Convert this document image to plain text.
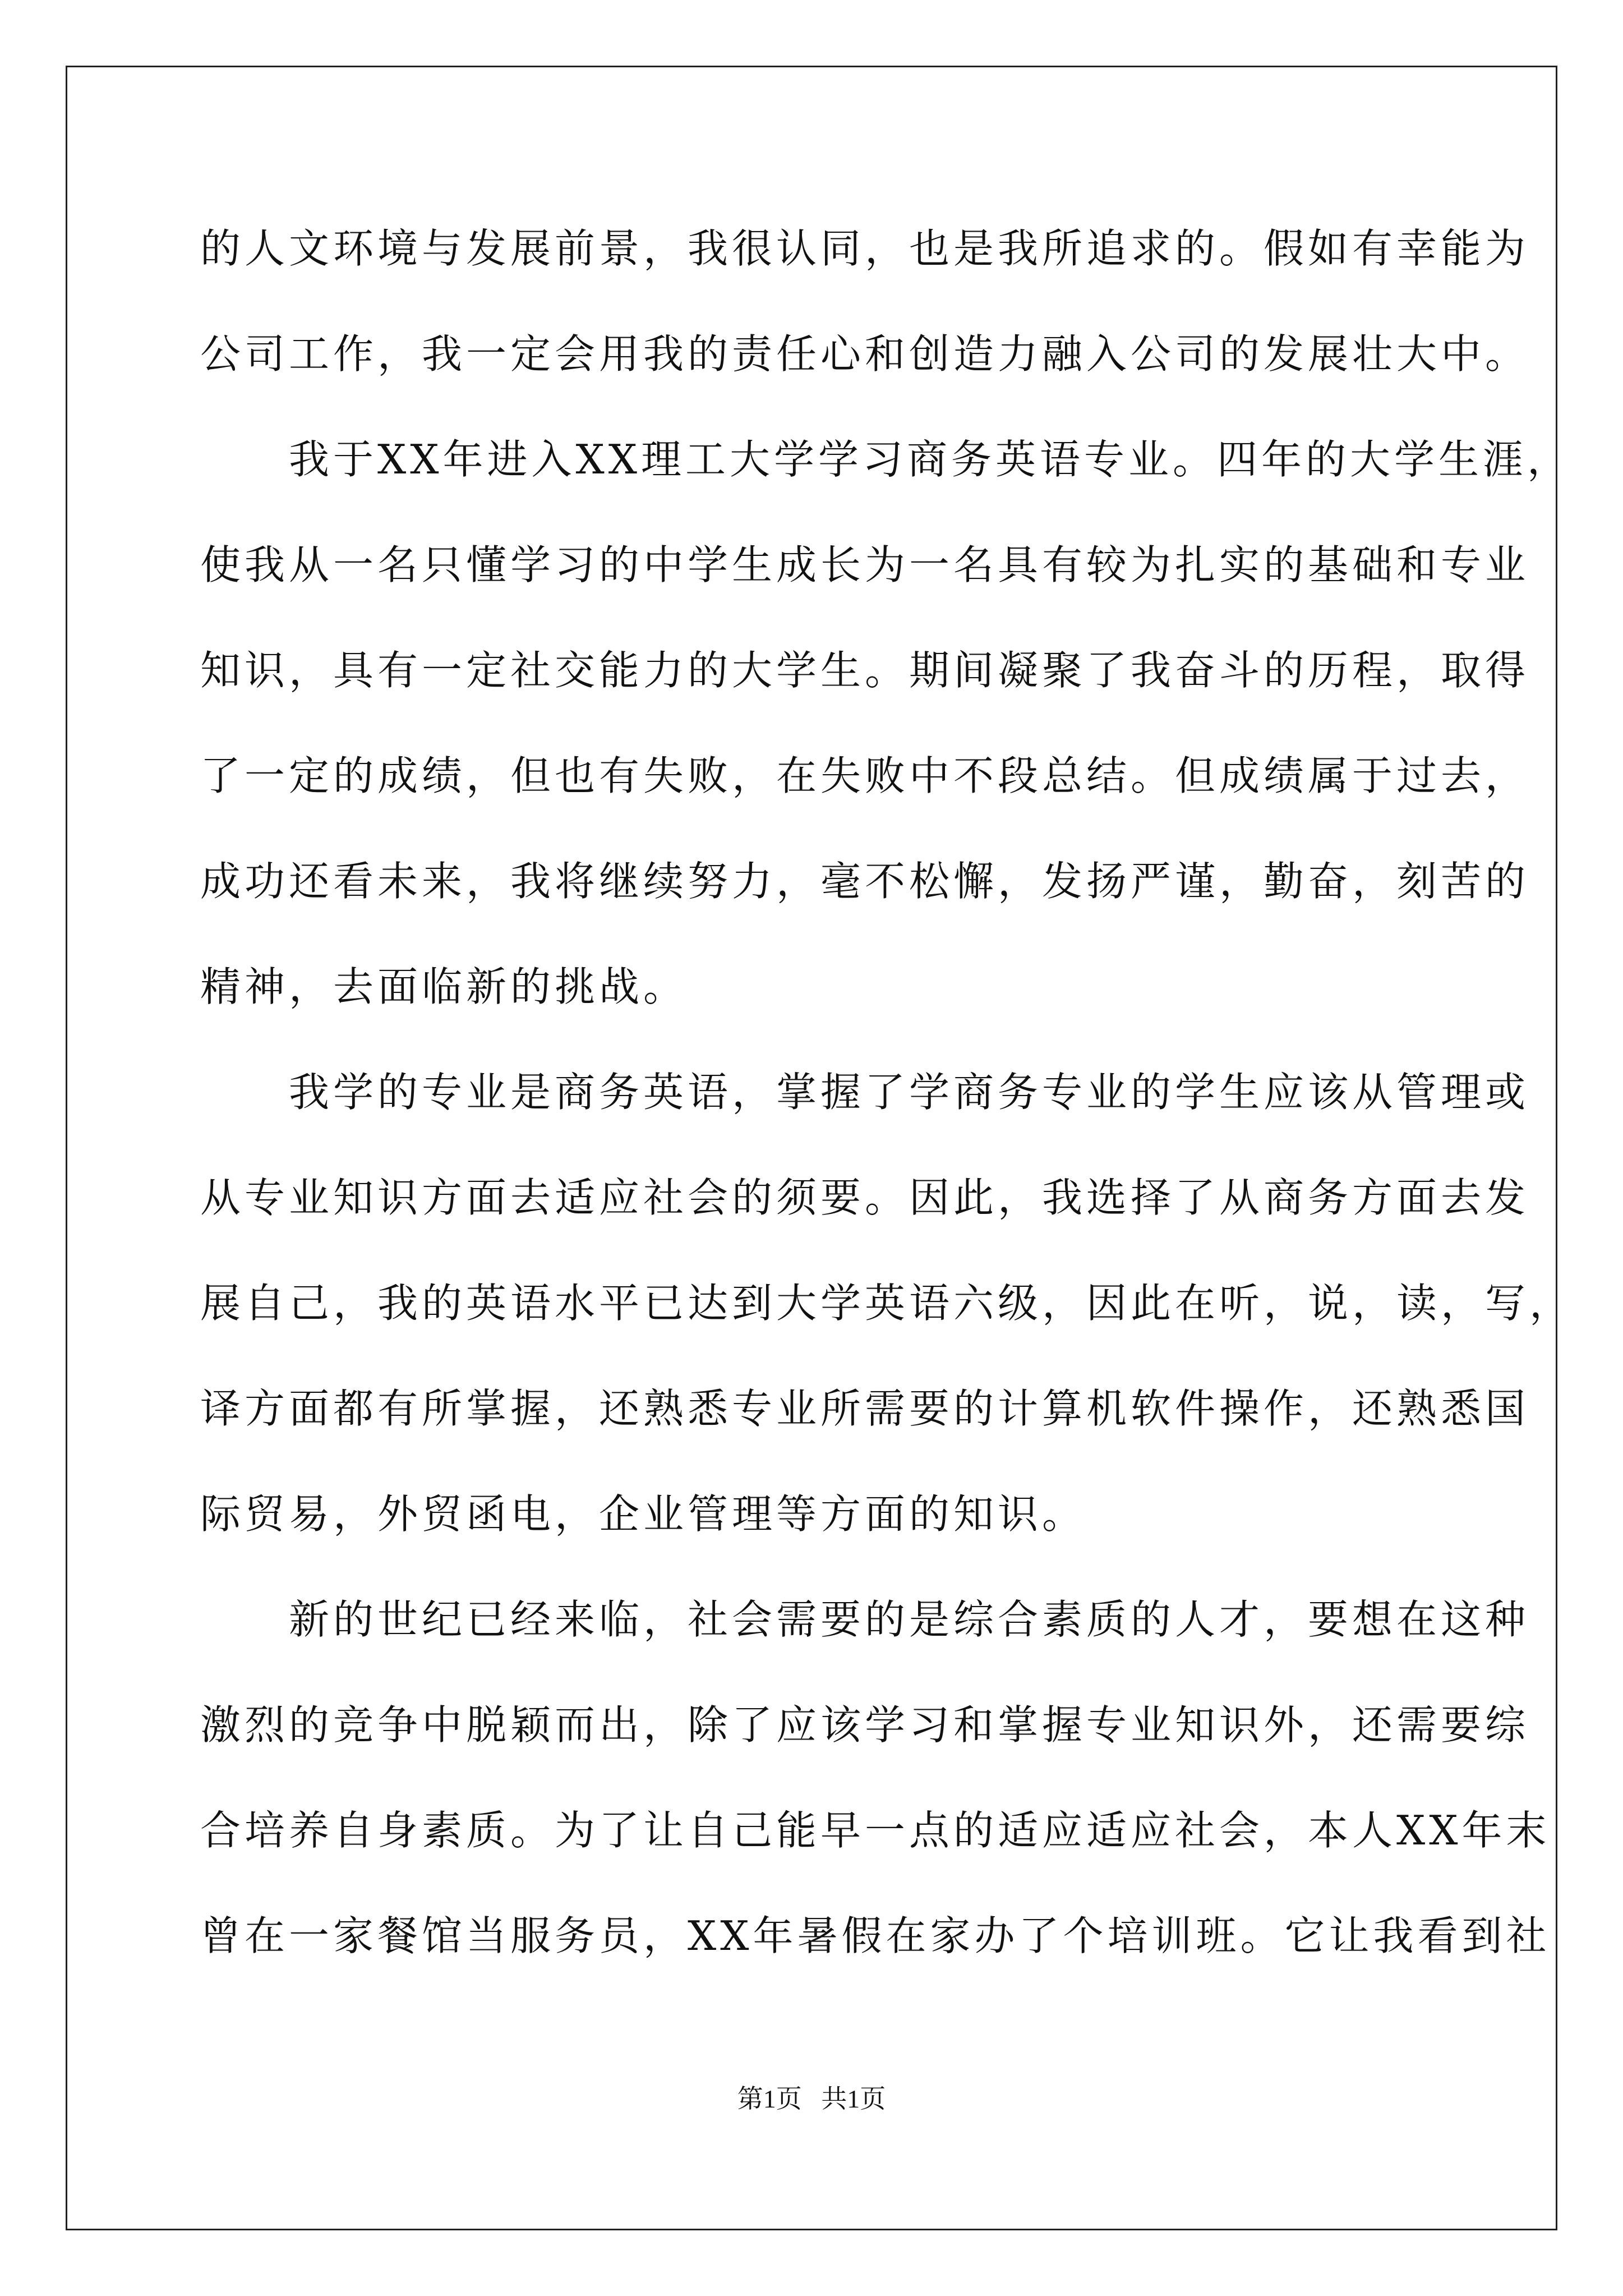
的人文环境与发展前景，我很认同，也是我所追求的。假如有幸能为
公司工作，我一定会用我的责任心和创造力融入公司的发展壮大中。
　　我于XX年进入XX理工大学学习商务英语专业。四年的大学生涯，
使我从一名只懂学习的中学生成长为一名具有较为扎实的基础和专业
知识，具有一定社交能力的大学生。期间凝聚了我奋斗的历程，取得
了一定的成绩，但也有失败，在失败中不段总结。但成绩属于过去，
成功还看未来，我将继续努力，毫不松懈，发扬严谨，勤奋，刻苦的
精神，去面临新的挑战。
　　我学的专业是商务英语，掌握了学商务专业的学生应该从管理或
从专业知识方面去适应社会的须要。因此，我选择了从商务方面去发
展自己，我的英语水平已达到大学英语六级，因此在听，说，读，写，
译方面都有所掌握，还熟悉专业所需要的计算机软件操作，还熟悉国
际贸易，外贸函电，企业管理等方面的知识。
　　新的世纪已经来临，社会需要的是综合素质的人才，要想在这种
激烈的竞争中脱颖而出，除了应该学习和掌握专业知识外，还需要综
合培养自身素质。为了让自己能早一点的适应适应社会，本人XX年末
曾在一家餐馆当服务员，XX年暑假在家办了个培训班。它让我看到社
第1页   共1页
